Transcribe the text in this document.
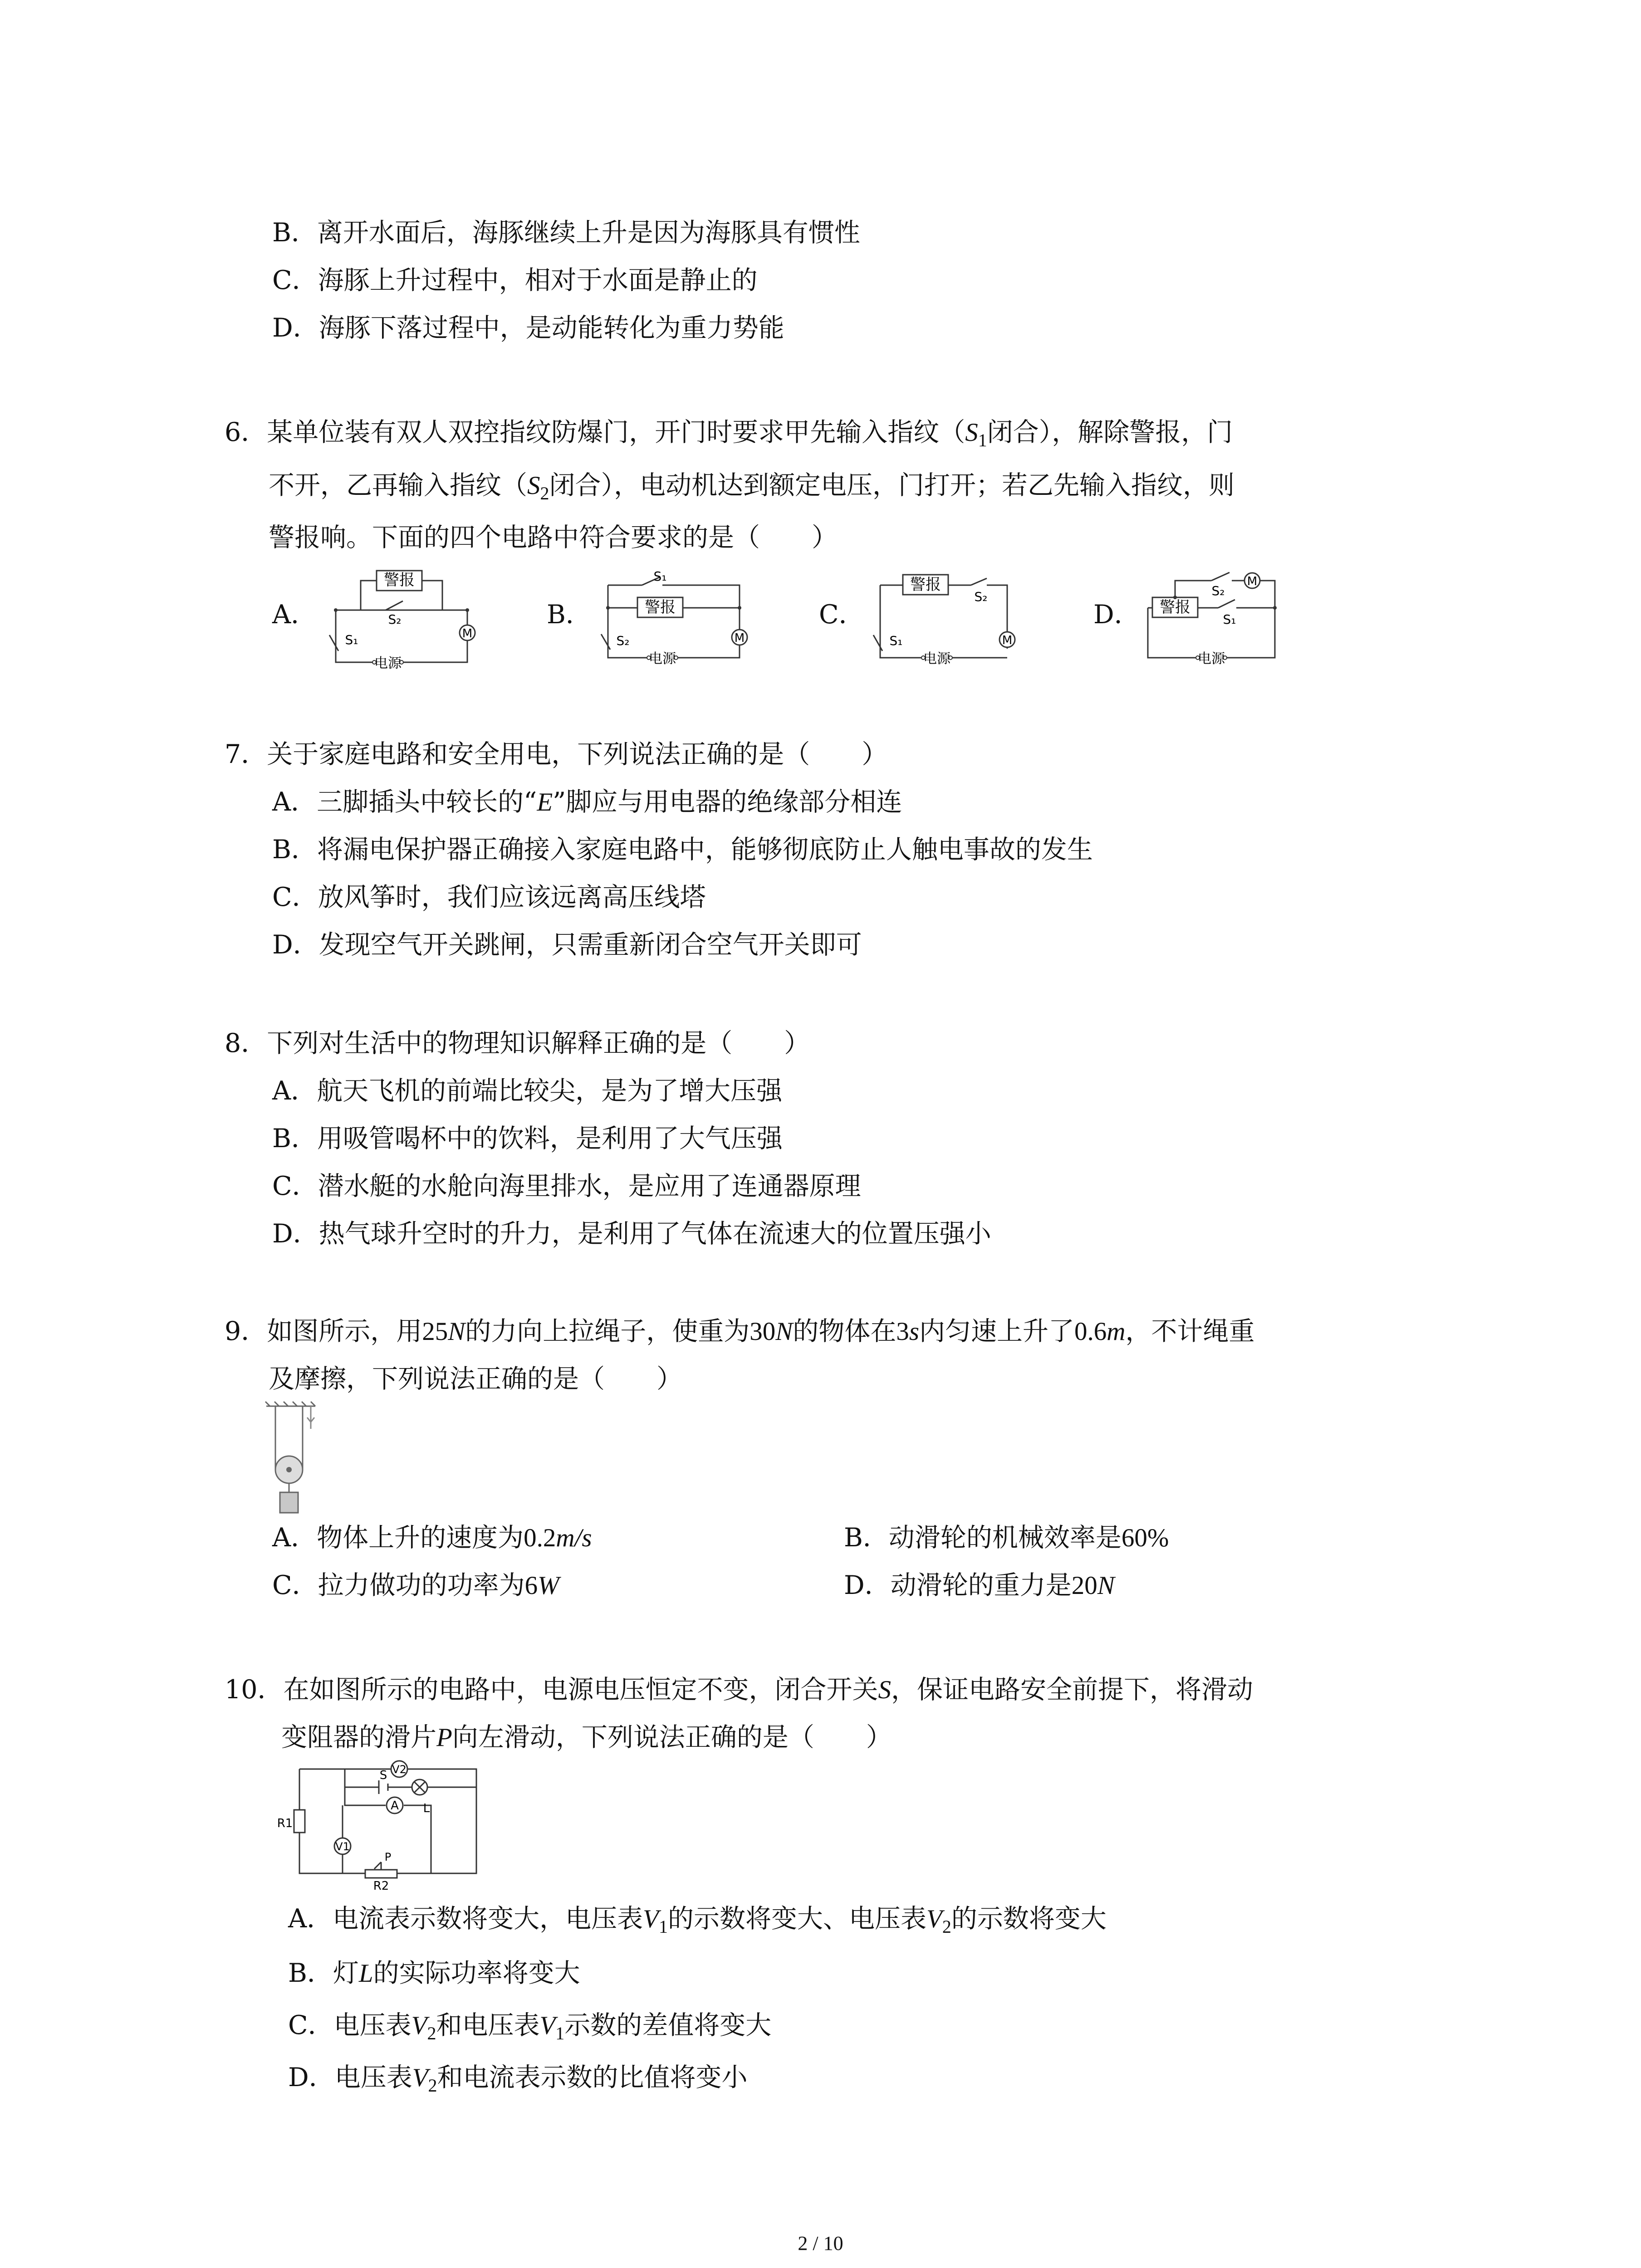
B．离开水面后，海豚继续上升是因为海豚具有惯性
C．海豚上升过程中，相对于水面是静止的
D．海豚下落过程中，是动能转化为重力势能
6．某单位装有双人双控指纹防爆门，开门时要求甲先输入指纹（$S_1$闭合），解除警报，门
不开，乙再输入指纹（$S_2$闭合），电动机达到额定电压，门打开；若乙先输入指纹，则
警报响。下面的四个电路中符合要求的是（　　）
A．	B．	C．	D．
警报
S₂
S₁
电源
M
S₁
警报
S₂
电源
M
警报
S₂
S₁
电源
M
警报
S₂
S₁
电源
M
7．关于家庭电路和安全用电，下列说法正确的是（　　）
A．三脚插头中较长的“E”脚应与用电器的绝缘部分相连
B．将漏电保护器正确接入家庭电路中，能够彻底防止人触电事故的发生
C．放风筝时，我们应该远离高压线塔
D．发现空气开关跳闸，只需重新闭合空气开关即可
8．下列对生活中的物理知识解释正确的是（　　）
A．航天飞机的前端比较尖，是为了增大压强
B．用吸管喝杯中的饮料，是利用了大气压强
C．潜水艇的水舱向海里排水，是应用了连通器原理
D．热气球升空时的升力，是利用了气体在流速大的位置压强小
9．如图所示，用25N的力向上拉绳子，使重为30N的物体在3s内匀速上升了0.6m，不计绳重
及摩擦，下列说法正确的是（　　）
A．物体上升的速度为0.2m/s	B．动滑轮的机械效率是60%
C．拉力做功的功率为6W	D．动滑轮的重力是20N
10．在如图所示的电路中，电源电压恒定不变，闭合开关S，保证电路安全前提下，将滑动
变阻器的滑片P向左滑动，下列说法正确的是（　　）
V2
S
L
A
R1
V1
P
R2
A．电流表示数将变大，电压表$V_1$的示数将变大、电压表$V_2$的示数将变大
B．灯L的实际功率将变大
C．电压表$V_2$和电压表$V_1$示数的差值将变大
D．电压表$V_2$和电流表示数的比值将变小
2 / 10
